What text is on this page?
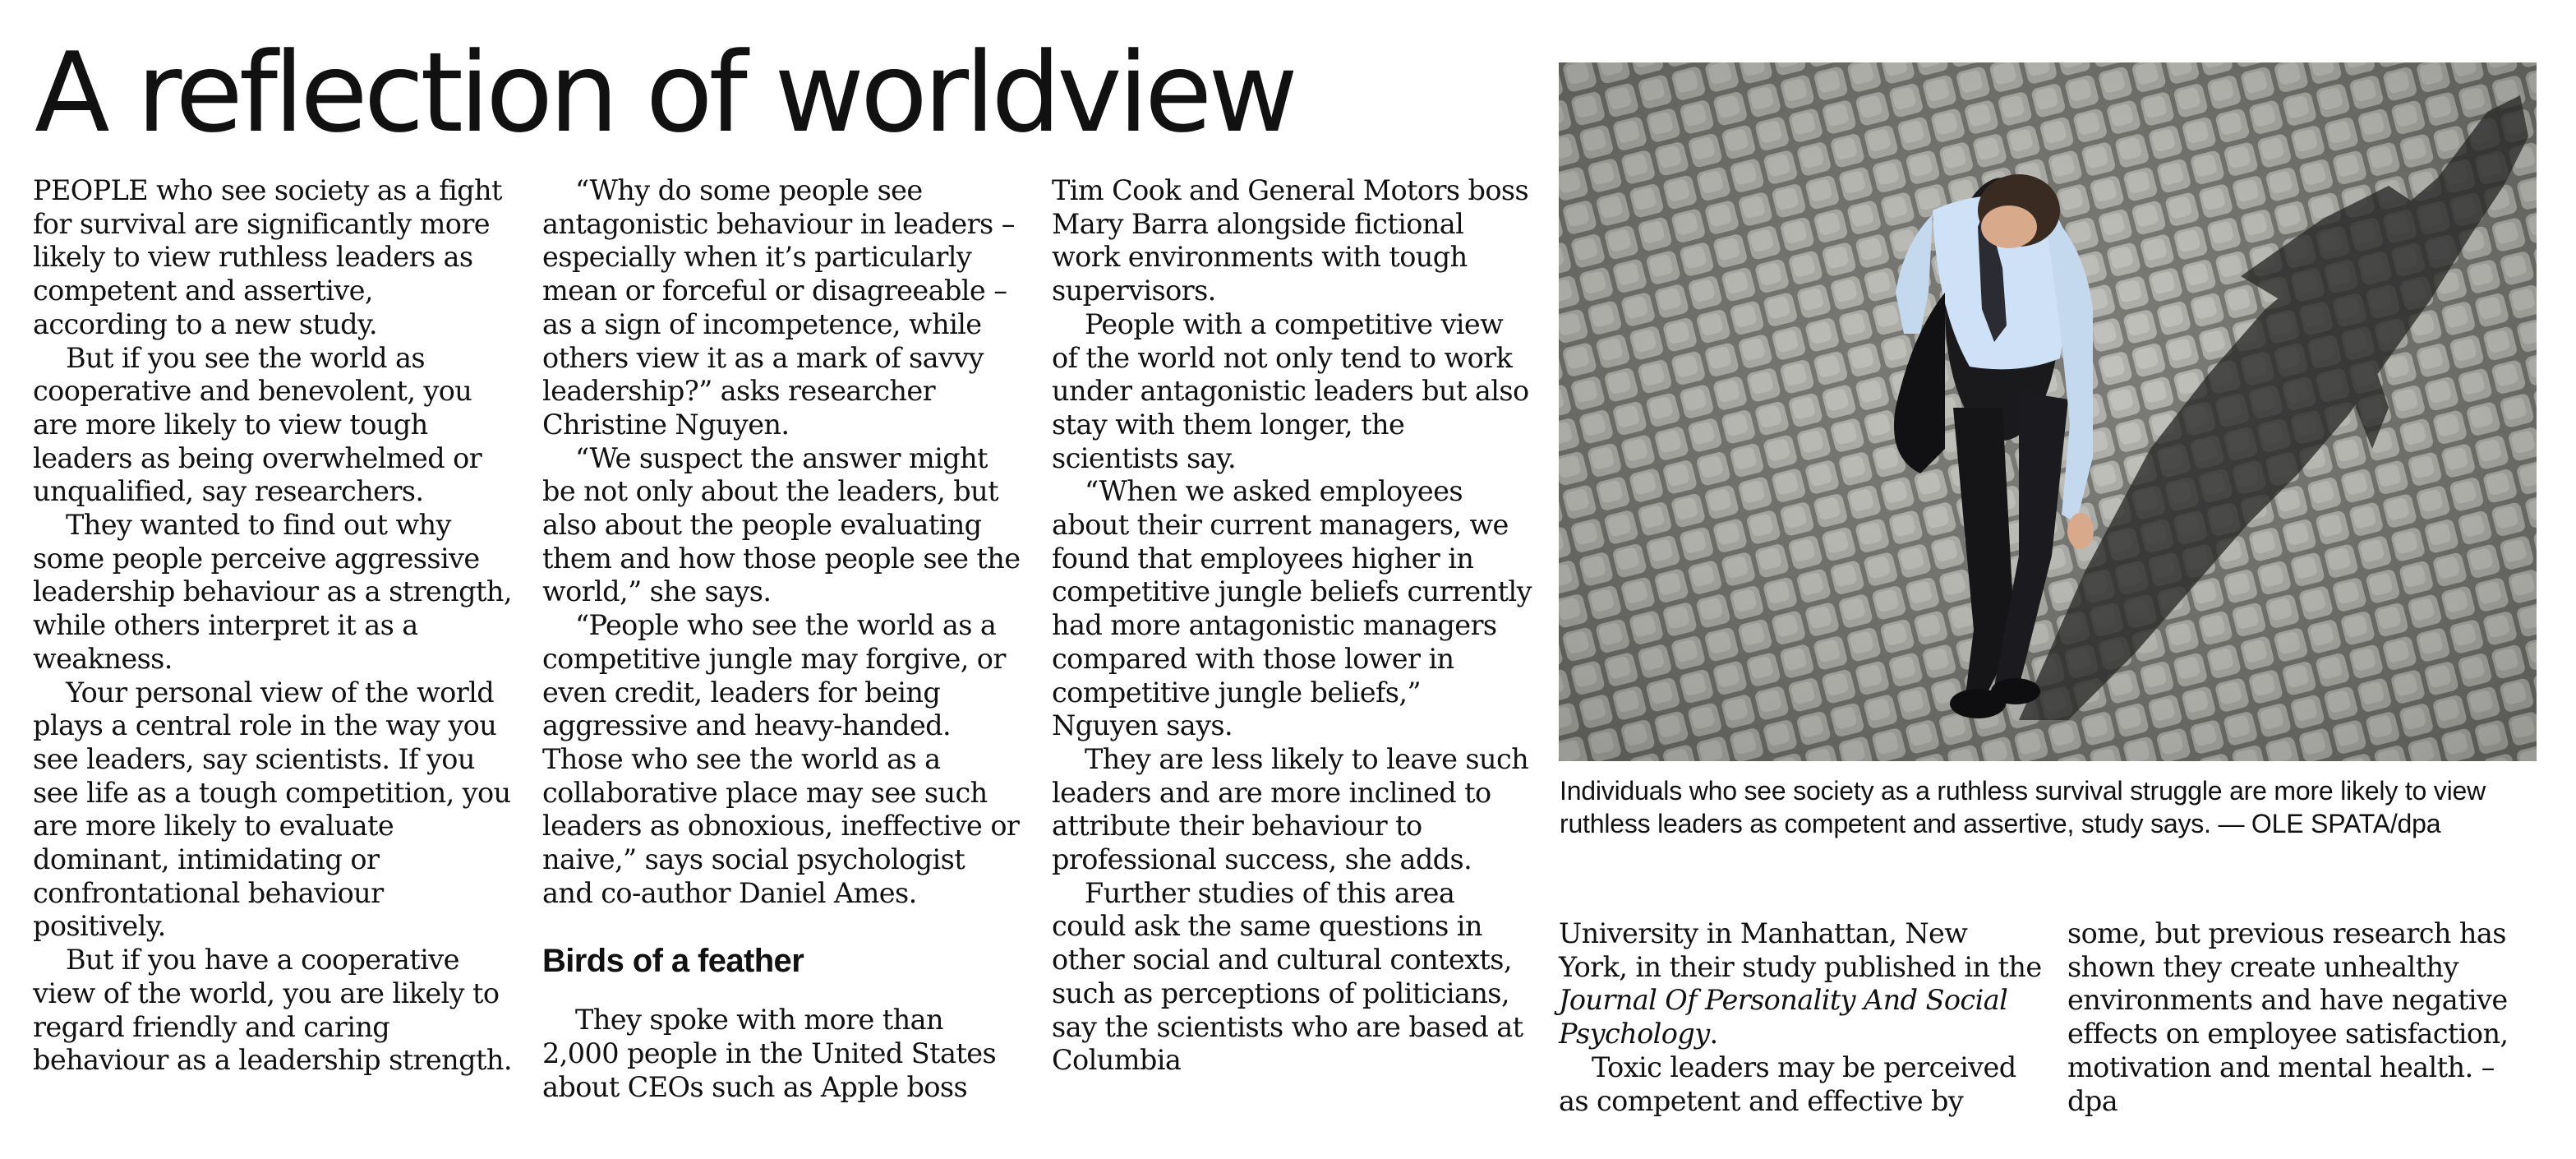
A reflection of worldview

PEOPLE who see society as a fight for survival are significantly more likely to view ruthless leaders as competent and assertive, according to a new study.

But if you see the world as cooperative and benevolent, you are more likely to view tough leaders as being overwhelmed or unqualified, say researchers.

They wanted to find out why some people perceive aggressive leadership behaviour as a strength, while others interpret it as a weakness.

Your personal view of the world plays a central role in the way you see leaders, say scientists. If you see life as a tough competition, you are more likely to evaluate dominant, intimidating or confrontational behaviour positively.

But if you have a cooperative view of the world, you are likely to regard friendly and caring behaviour as a leadership strength.

“Why do some people see antagonistic behaviour in leaders – especially when it’s particularly mean or forceful or disagreeable – as a sign of incompetence, while others view it as a mark of savvy leadership?” asks researcher Christine Nguyen.

“We suspect the answer might be not only about the leaders, but also about the people evaluating them and how those people see the world,” she says.

“People who see the world as a competitive jungle may forgive, or even credit, leaders for being aggressive and heavy-handed. Those who see the world as a collaborative place may see such leaders as obnoxious, ineffective or naive,” says social psychologist and co-author Daniel Ames.

Birds of a feather

They spoke with more than 2,000 people in the United States about CEOs such as Apple boss

Tim Cook and General Motors boss Mary Barra alongside fictional work environments with tough supervisors.

People with a competitive view of the world not only tend to work under antagonistic leaders but also stay with them longer, the scientists say.

“When we asked employees about their current managers, we found that employees higher in competitive jungle beliefs currently had more antagonistic managers compared with those lower in competitive jungle beliefs,” Nguyen says.

They are less likely to leave such leaders and are more inclined to attribute their behaviour to professional success, she adds.

Further studies of this area could ask the same questions in other social and cultural contexts, such as perceptions of politicians, say the scientists who are based at Columbia

Individuals who see society as a ruthless survival struggle are more likely to view ruthless leaders as competent and assertive, study says. — OLE SPATA/dpa

University in Manhattan, New York, in their study published in the Journal Of Personality And Social Psychology.

Toxic leaders may be perceived as competent and effective by

some, but previous research has shown they create unhealthy environments and have negative effects on employee satisfaction, motivation and mental health. – dpa
